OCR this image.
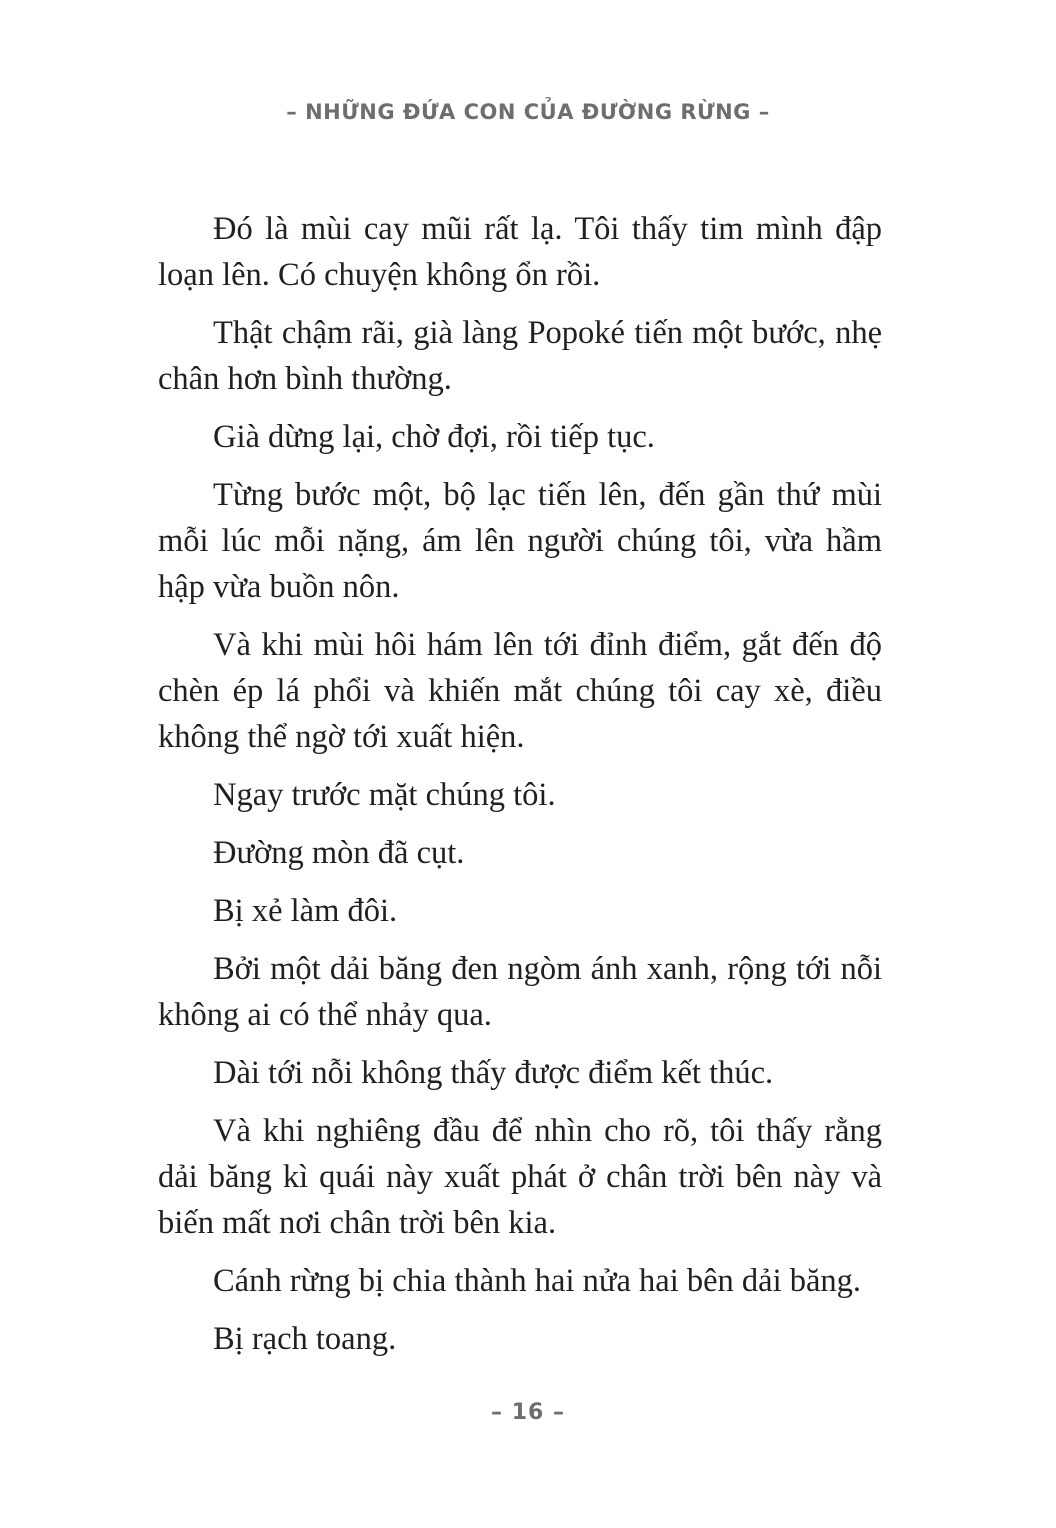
– NHỮNG ĐỨA CON CỦA ĐƯỜNG RỪNG –

Đó là mùi cay mũi rất lạ. Tôi thấy tim mình đập loạn lên. Có chuyện không ổn rồi.

Thật chậm rãi, già làng Popoké tiến một bước, nhẹ chân hơn bình thường.

Già dừng lại, chờ đợi, rồi tiếp tục.

Từng bước một, bộ lạc tiến lên, đến gần thứ mùi mỗi lúc mỗi nặng, ám lên người chúng tôi, vừa hầm hập vừa buồn nôn.

Và khi mùi hôi hám lên tới đỉnh điểm, gắt đến độ chèn ép lá phổi và khiến mắt chúng tôi cay xè, điều không thể ngờ tới xuất hiện.

Ngay trước mặt chúng tôi.

Đường mòn đã cụt.

Bị xẻ làm đôi.

Bởi một dải băng đen ngòm ánh xanh, rộng tới nỗi không ai có thể nhảy qua.

Dài tới nỗi không thấy được điểm kết thúc.

Và khi nghiêng đầu để nhìn cho rõ, tôi thấy rằng dải băng kì quái này xuất phát ở chân trời bên này và biến mất nơi chân trời bên kia.

Cánh rừng bị chia thành hai nửa hai bên dải băng.

Bị rạch toang.

– 16 –
